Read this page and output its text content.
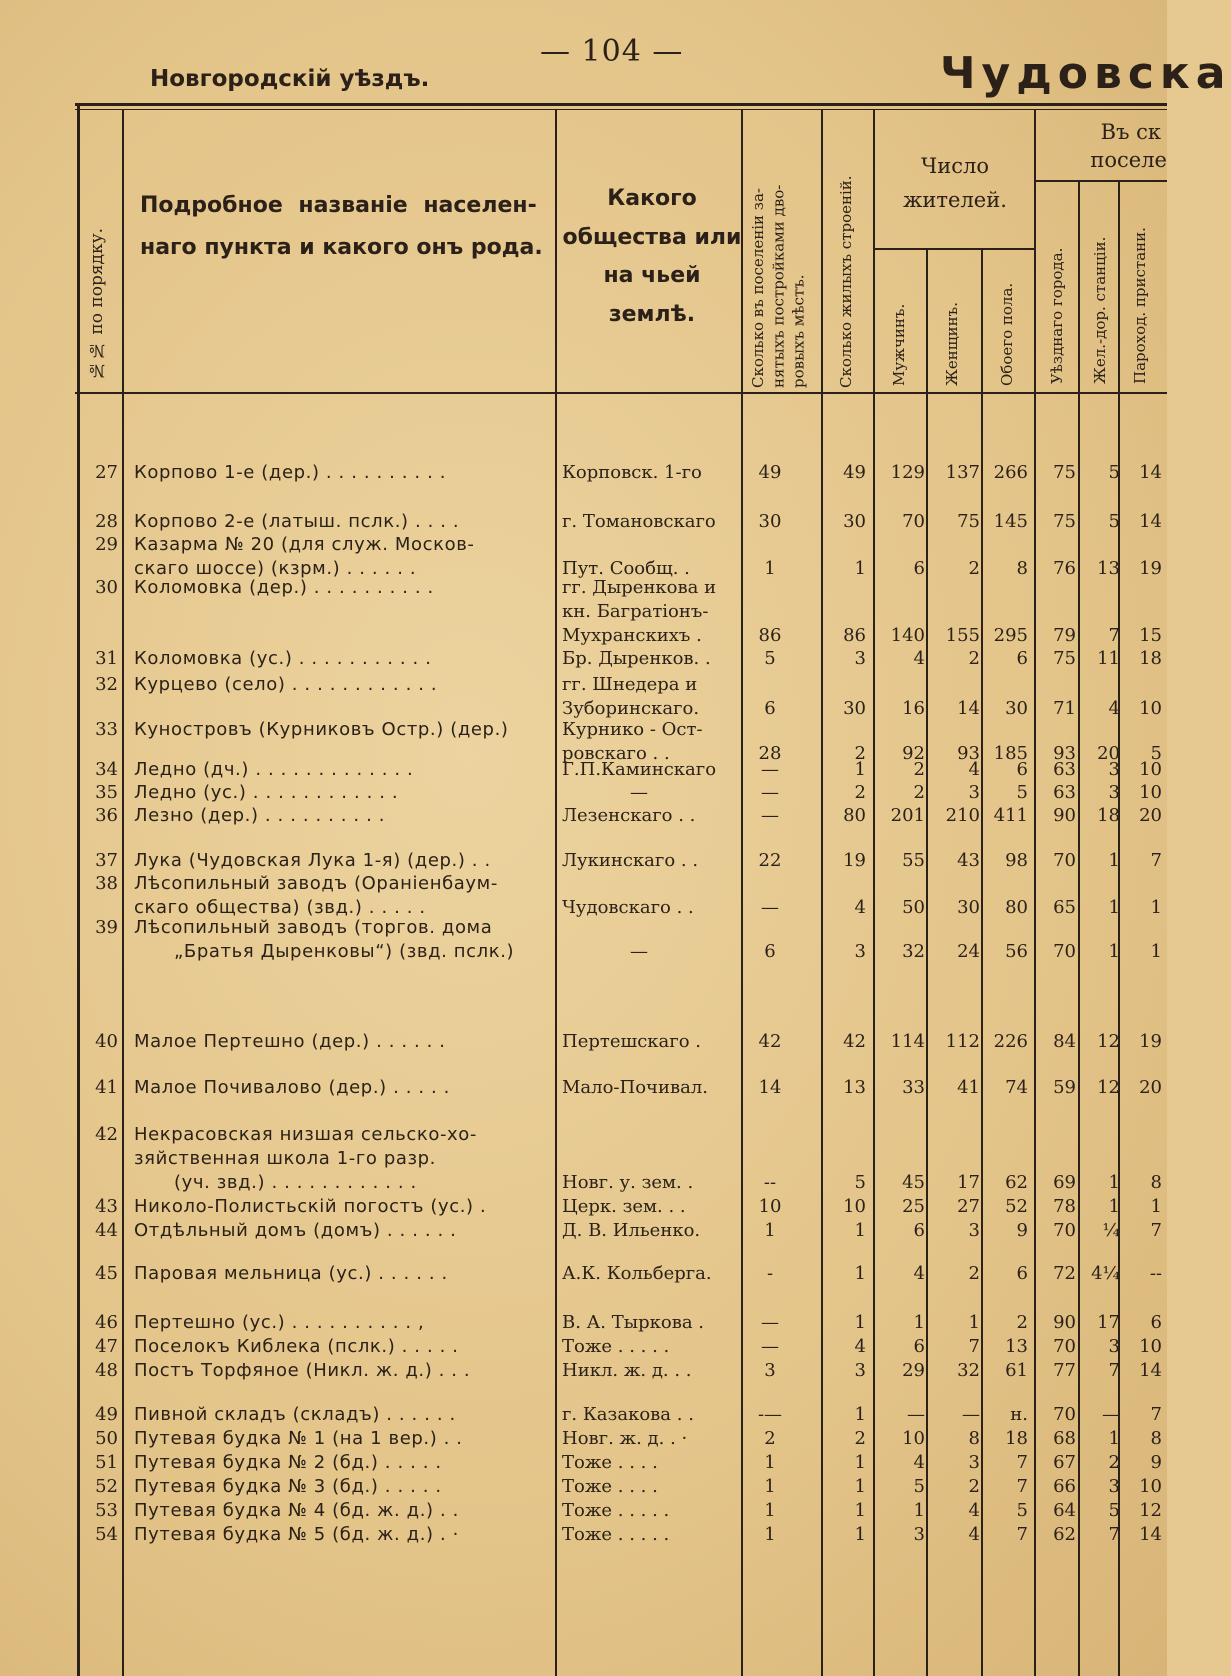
— 104 —
Новгородскій уѣздъ.	Чудовска
№№ по порядку.
Подробное названіе населен-
наго пункта и какого онъ рода.
Какого
общества или
на чьей землѣ.	Сколько въ поселеніи за- нятыхъ постройками дво- ровыхъ мѣстъ. Сколько жилыхъ строеній.
Число
жителей.
Мужчинъ. Женщинъ. Обоего пола.
Въ ск
поселе
Уѣзднаго города. Жел.-дор. станціи. Пароход. пристани.
27 Корпово 1-е (дер.) . . . . . . . . . .	Корповск. 1-го	49	49	129	137 266	75	5	14
28 Корпово 2-е (латыш. пслк.) . . . .	г. Томановскаго	30	30	70	75 145	75	5	14
29 Казарма № 20 (для служ. Москов-
скаго шоссе) (кзрм.) . . . . . .	Пут. Сообщ. .	1	1	6	2	8	76	13	19
30 Коломовка (дер.) . . . . . . . . . .	гг. Дыренкова и
кн. Багратіонъ-
Мухранскихъ .	86	86	140	155 295	79	7	15
31 Коломовка (ус.) . . . . . . . . . . .	Бр. Дыренков. .	5	3	4	2	6	75	11	18
32 Курцево (село) . . . . . . . . . . . .	гг. Шнедера и
Зуборинскаго.	6	30	16	14	30	71	4	10
33 Куностровъ (Курниковъ Остр.) (дер.)	Курнико - Ост-
ровскаго . .	28	2	92	93 185	93	20	5
34 Ледно (дч.) . . . . . . . . . . . . .	Г.П.Каминскаго	—	1	2	4	6	63	3	10
35 Ледно (ус.) . . . . . . . . . . . .	—	—	2	2	3	5	63	3	10
36 Лезно (дер.) . . . . . . . . . .	Лезенскаго . .	—	80	201	210 411	90	18	20
37 Лука (Чудовская Лука 1-я) (дер.) . .	Лукинскаго . .	22	19	55	43	98	70	1	7
38 Лѣсопильный заводъ (Ораніенбаум-
скаго общества) (звд.) . . . . .	Чудовскаго . .	—	4	50	30	80	65	1	1
39 Лѣсопильный заводъ (торгов. дома
„Братья Дыренковы“) (звд. пслк.)	—	6	3	32	24	56	70	1	1
40 Малое Пертешно (дер.) . . . . . .	Пертешскаго .	42	42	114	112 226	84	12	19
41 Малое Почивалово (дер.) . . . . .	Мало-Почивал.	14	13	33	41	74	59	12	20
42 Некрасовская низшая сельско-хо-
зяйственная школа 1-го разр.
(уч. звд.) . . . . . . . . . . . .	Новг. у. зем. .	--	5	45	17	62	69	1	8
43 Николо-Полистьскій погостъ (ус.) .	Церк. зем. . .	10	10	25	27	52	78	1	1
44 Отдѣльный домъ (домъ) . . . . . .	Д. В. Ильенко.	1	1	6	3	9	70	¼	7
45 Паровая мельница (ус.) . . . . . .	А.К. Кольберга.	-	1	4	2	6	72 4¼	--
46 Пертешно (ус.) . . . . . . . . . . ,	В. А. Тыркова .	—	1	1	1	2	90	17	6
47 Поселокъ Киблека (пслк.) . . . . .	Тоже . . . . .	—	4	6	7	13	70	3	10
48 Постъ Торфяное (Никл. ж. д.) . . .	Никл. ж. д. . .	3	3	29	32	61	77	7	14
49 Пивной складъ (складъ) . . . . . .	г. Казакова . .	-—	1	—	—	н.	70	—	7
50 Путевая будка № 1 (на 1 вер.) . .	Новг. ж. д. . ·	2	2	10	8	18	68	1	8
51 Путевая будка № 2 (бд.) . . . . .	Тоже . . . .	1	1	4	3	7	67	2	9
52 Путевая будка № 3 (бд.) . . . . .	Тоже . . . .	1	1	5	2	7	66	3	10
53 Путевая будка № 4 (бд. ж. д.) . .	Тоже . . . . .	1	1	1	4	5	64	5	12
54 Путевая будка № 5 (бд. ж. д.) . ·	Тоже . . . . .	1	1	3	4	7	62	7	14
